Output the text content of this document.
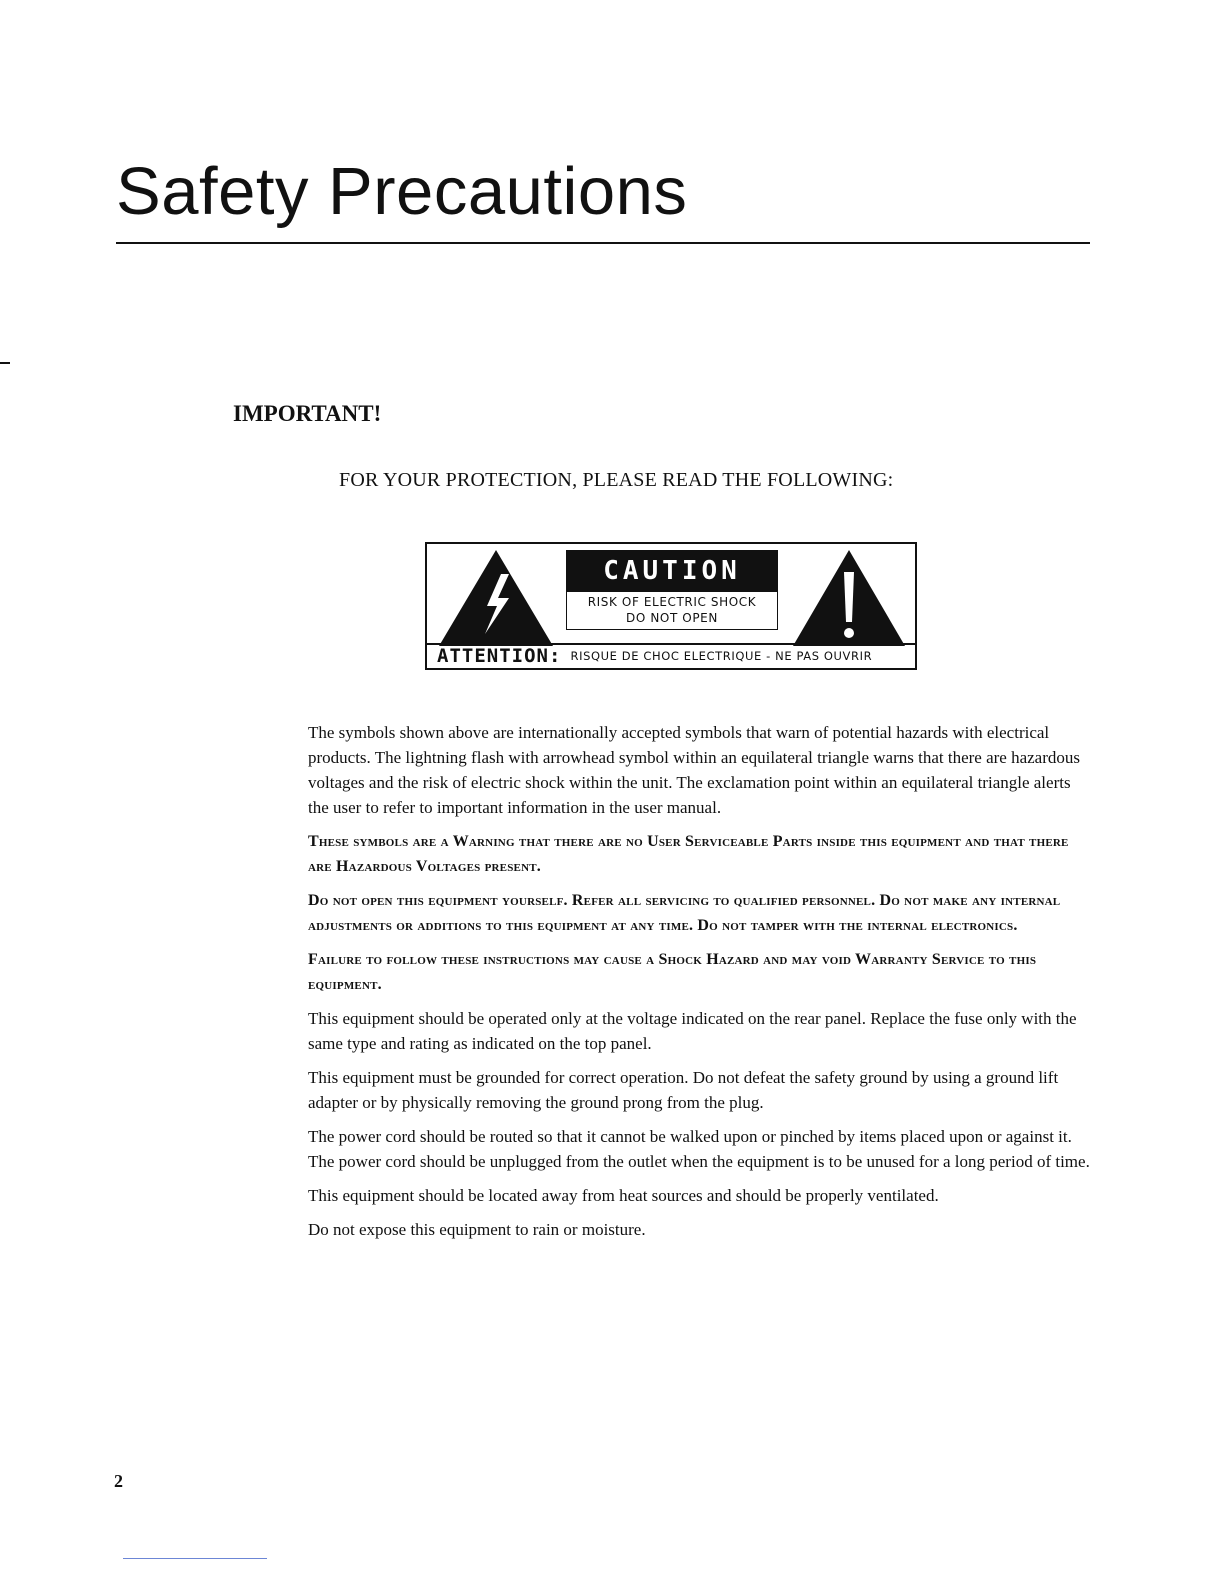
Safety Precautions
IMPORTANT!

FOR YOUR PROTECTION, PLEASE READ THE FOLLOWING:

CAUTION
RISK OF ELECTRIC SHOCK
DO NOT OPEN
ATTENTION: RISQUE DE CHOC ELECTRIQUE - NE PAS OUVRIR

The symbols shown above are internationally accepted symbols that warn of potential hazards with electrical products. The lightning flash with arrowhead symbol within an equilateral triangle warns that there are hazardous voltages and the risk of electric shock within the unit. The exclamation point within an equilateral triangle alerts the user to refer to important information in the user manual.

These symbols are a Warning that there are no User Serviceable Parts inside this equipment and that there are Hazardous Voltages present.

Do not open this equipment yourself. Refer all servicing to qualified personnel. Do not make any internal adjustments or additions to this equipment at any time. Do not tamper with the internal electronics.

Failure to follow these instructions may cause a Shock Hazard and may void Warranty Service to this equipment.

This equipment should be operated only at the voltage indicated on the rear panel. Replace the fuse only with the same type and rating as indicated on the top panel.

This equipment must be grounded for correct operation. Do not defeat the safety ground by using a ground lift adapter or by physically removing the ground prong from the plug.

The power cord should be routed so that it cannot be walked upon or pinched by items placed upon or against it. The power cord should be unplugged from the outlet when the equipment is to be unused for a long period of time.

This equipment should be located away from heat sources and should be properly ventilated.

Do not expose this equipment to rain or moisture.

2
